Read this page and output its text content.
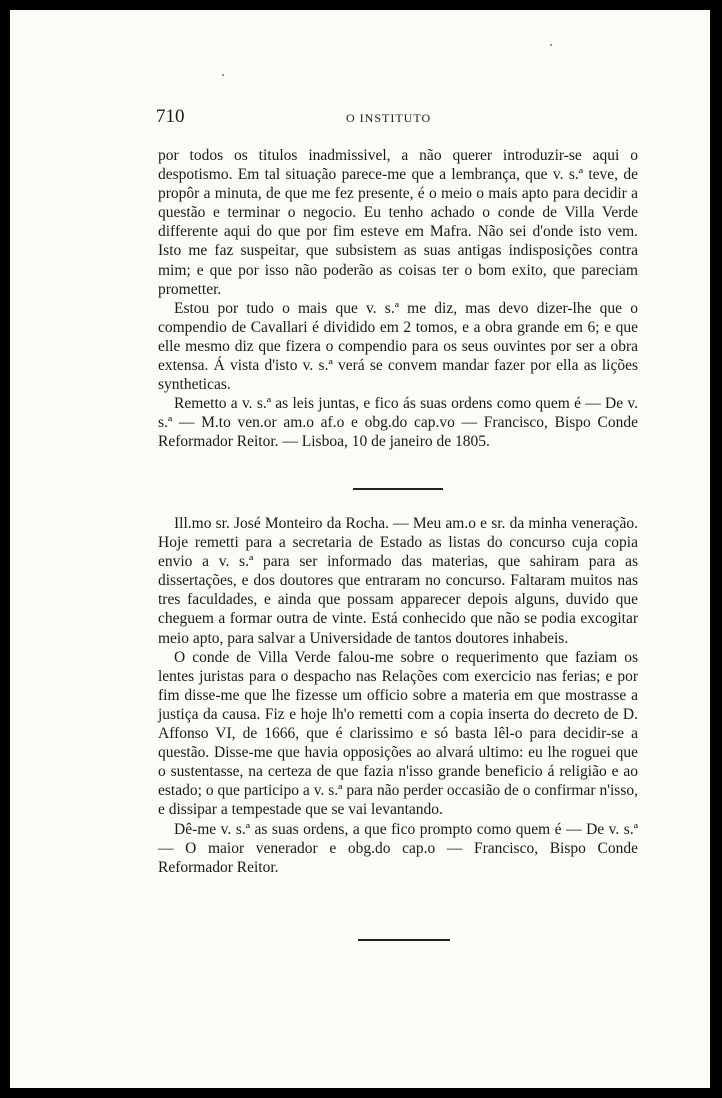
710	O INSTITUTO

por todos os titulos inadmissivel, a não querer introduzir-se aqui o despotismo. Em tal situação parece-me que a lembrança, que v. s.ª teve, de propôr a minuta, de que me fez presente, é o meio o mais apto para decidir a questão e terminar o negocio. Eu tenho achado o conde de Villa Verde differente aqui do que por fim esteve em Mafra. Não sei d'onde isto vem. Isto me faz suspeitar, que subsistem as suas antigas indisposições contra mim; e que por isso não poderão as coisas ter o bom exito, que pareciam prometter.

Estou por tudo o mais que v. s.ª me diz, mas devo dizer-lhe que o compendio de Cavallari é dividido em 2 tomos, e a obra grande em 6; e que elle mesmo diz que fizera o compendio para os seus ouvintes por ser a obra extensa. Á vista d'isto v. s.ª verá se convem mandar fazer por ella as lições syntheticas.

Remetto a v. s.ª as leis juntas, e fico ás suas ordens como quem é — De v. s.ª — M.to ven.or am.o af.o e obg.do cap.vo — Francisco, Bispo Conde Reformador Reitor. — Lisboa, 10 de janeiro de 1805.

Ill.mo sr. José Monteiro da Rocha. — Meu am.o e sr. da minha veneração. Hoje remetti para a secretaria de Estado as listas do concurso cuja copia envio a v. s.ª para ser informado das materias, que sahiram para as dissertações, e dos doutores que entraram no concurso. Faltaram muitos nas tres faculdades, e ainda que possam apparecer depois alguns, duvido que cheguem a formar outra de vinte. Está conhecido que não se podia excogitar meio apto, para salvar a Universidade de tantos doutores inhabeis.

O conde de Villa Verde falou-me sobre o requerimento que faziam os lentes juristas para o despacho nas Relações com exercicio nas ferias; e por fim disse-me que lhe fizesse um officio sobre a materia em que mostrasse a justiça da causa. Fiz e hoje lh'o remetti com a copia inserta do decreto de D. Affonso VI, de 1666, que é clarissimo e só basta lêl-o para decidir-se a questão. Disse-me que havia opposições ao alvará ultimo: eu lhe roguei que o sustentasse, na certeza de que fazia n'isso grande beneficio á religião e ao estado; o que participo a v. s.ª para não perder occasião de o confirmar n'isso, e dissipar a tempestade que se vai levantando.

Dê-me v. s.ª as suas ordens, a que fico prompto como quem é — De v. s.ª — O maior venerador e obg.do cap.o — Francisco, Bispo Conde Reformador Reitor.
